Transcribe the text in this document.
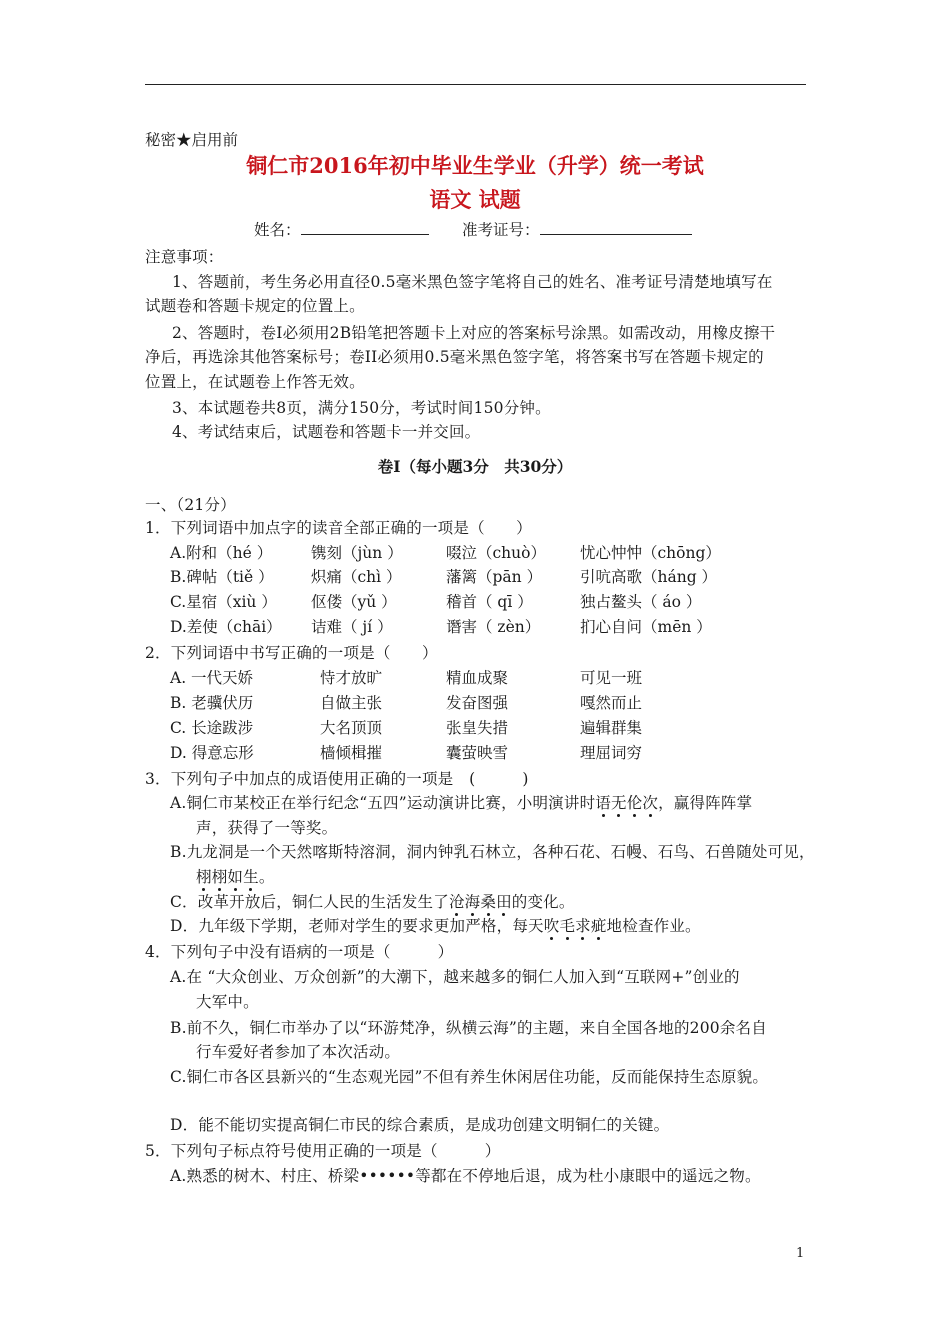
秘密★启用前
铜仁市2016年初中毕业生学业（升学）统一考试
语文 试题
姓名：	准考证号：
注意事项：
1、答题前，考生务必用直径0.5毫米黑色签字笔将自己的姓名、准考证号清楚地填写在
试题卷和答题卡规定的位置上。
2、答题时，卷Ⅰ必须用2B铅笔把答题卡上对应的答案标号涂黑。如需改动，用橡皮擦干
净后，再选涂其他答案标号；卷II必须用0.5毫米黑色签字笔，将答案书写在答题卡规定的
位置上，在试题卷上作答无效。
3、本试题卷共8页，满分150分，考试时间150分钟。
4、考试结束后，试题卷和答题卡一并交回。
卷Ⅰ（每小题3分　共30分）
一、（21分）
1．下列词语中加点字的读音全部正确的一项是（　　）
A.附和（hé ）	镌刻（jùn ）	啜泣（chuò） 忧心忡忡（chōng）
B.碑帖（tiě ） 炽痛（chì ）	藩篱（pān ） 引吭高歌（háng ）
C.星宿（xiù ） 伛偻（yǔ ）	稽首（ qī ）	独占鳌头（ áo ）
D.差使（chāi） 诘难（ jí ）	谮害（ zèn）	扪心自问（mēn ）
2．下列词语中书写正确的一项是（　　）
A. 一代天娇	恃才放旷	精血成聚	可见一班
B. 老骥伏历	自做主张	发奋图强	嘎然而止
C. 长途跋涉	大名顶顶	张皇失措	遍辑群集
D. 得意忘形	樯倾楫摧	囊萤映雪	理屈词穷
3．下列句子中加点的成语使用正确的一项是　(　　　)
A.铜仁市某校正在举行纪念“五四”运动演讲比赛，小明演讲时语无伦次，赢得阵阵掌
声，获得了一等奖。
B.九龙洞是一个天然喀斯特溶洞，洞内钟乳石林立，各种石花、石幔、石鸟、石兽随处可见，
栩栩如生。
C．改革开放后，铜仁人民的生活发生了沧海桑田的变化。
D．九年级下学期，老师对学生的要求更加严格，每天吹毛求疵地检查作业。
4．下列句子中没有语病的一项是（　　　）
A.在 “大众创业、万众创新”的大潮下，越来越多的铜仁人加入到“互联网+”创业的
大军中。
B.前不久，铜仁市举办了以“环游梵净，纵横云海”的主题，来自全国各地的200余名自
行车爱好者参加了本次活动。
C.铜仁市各区县新兴的“生态观光园”不但有养生休闲居住功能，反而能保持生态原貌。
D．能不能切实提高铜仁市民的综合素质，是成功创建文明铜仁的关键。
5．下列句子标点符号使用正确的一项是（　　　）
A.熟悉的树木、村庄、桥梁••••••等都在不停地后退，成为杜小康眼中的遥远之物。
1
